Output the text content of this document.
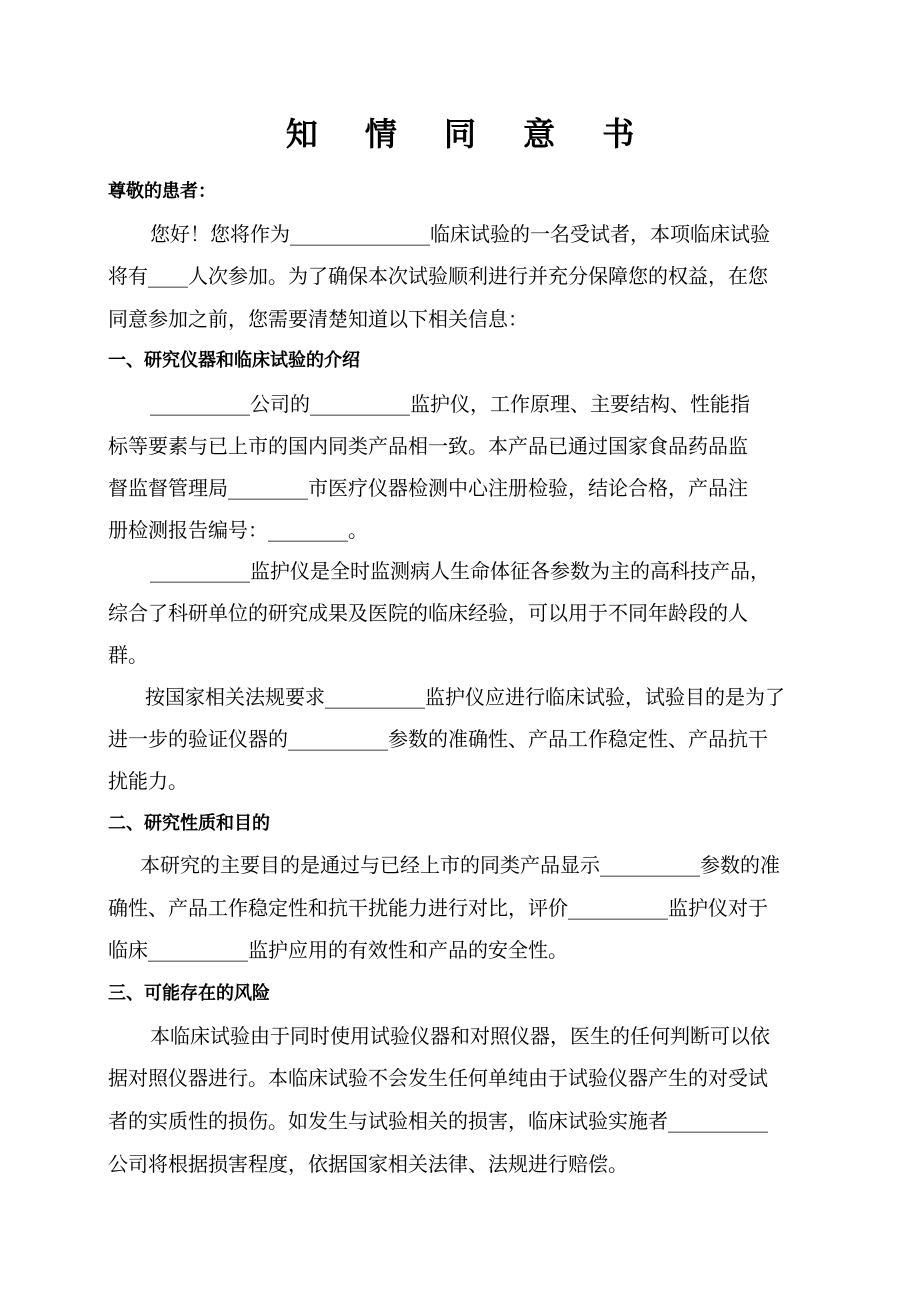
知 情 同 意 书
尊敬的患者：
您好！您将作为______________临床试验的一名受试者，本项临床试验
将有____人次参加。为了确保本次试验顺利进行并充分保障您的权益，在您
同意参加之前，您需要清楚知道以下相关信息：
一、研究仪器和临床试验的介绍
__________公司的__________监护仪，工作原理、主要结构、性能指
标等要素与已上市的国内同类产品相一致。本产品已通过国家食品药品监
督监督管理局________市医疗仪器检测中心注册检验，结论合格，产品注
册检测报告编号：________。
__________监护仪是全时监测病人生命体征各参数为主的高科技产品，
综合了科研单位的研究成果及医院的临床经验，可以用于不同年龄段的人
群。
按国家相关法规要求__________监护仪应进行临床试验，试验目的是为了
进一步的验证仪器的__________参数的准确性、产品工作稳定性、产品抗干
扰能力。
二、研究性质和目的
本研究的主要目的是通过与已经上市的同类产品显示__________参数的准
确性、产品工作稳定性和抗干扰能力进行对比，评价__________监护仪对于
临床__________监护应用的有效性和产品的安全性。
三、可能存在的风险
本临床试验由于同时使用试验仪器和对照仪器，医生的任何判断可以依
据对照仪器进行。本临床试验不会发生任何单纯由于试验仪器产生的对受试
者的实质性的损伤。如发生与试验相关的损害，临床试验实施者__________
公司将根据损害程度，依据国家相关法律、法规进行赔偿。
